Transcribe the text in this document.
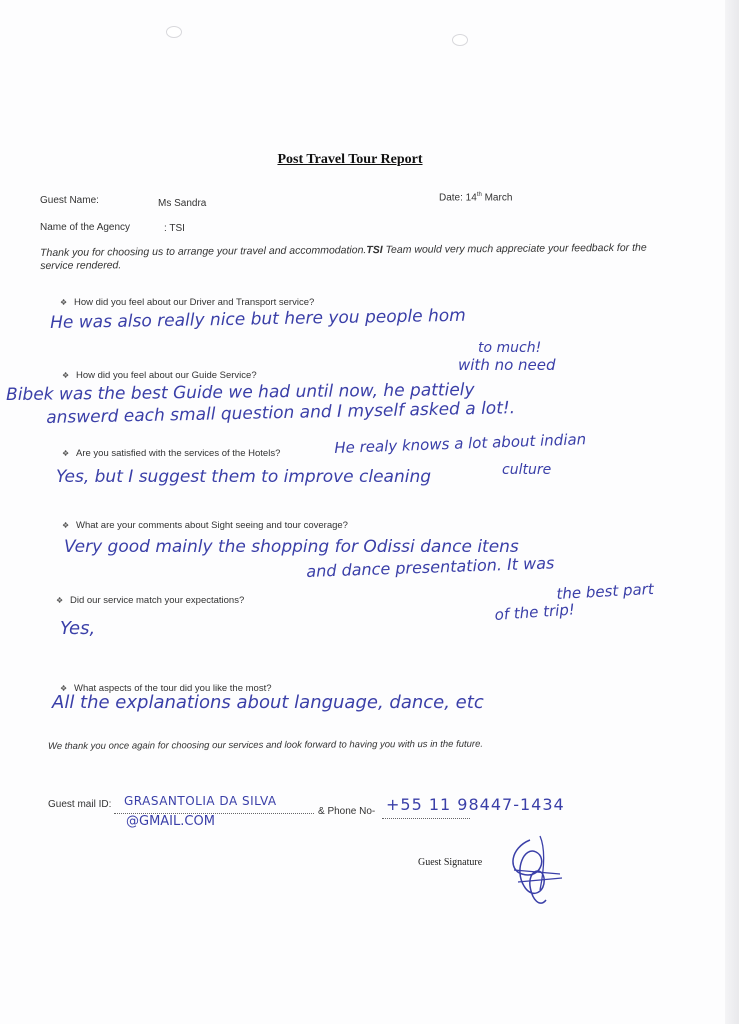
Post Travel Tour Report
Guest Name:	Ms Sandra
Date: 14th March
Name of the Agency	: TSI
Thank you for choosing us to arrange your travel and accommodation.TSI Team would very much appreciate your feedback for the service rendered.
❖ How did you feel about our Driver and Transport service?
He was also really nice but here you people hom
to much!
with no need
❖ How did you feel about our Guide Service?
Bibek was the best Guide we had until now, he pattiely
answerd each small question and I myself asked a lot!.
❖ Are you satisfied with the services of the Hotels?	He realy knows a lot about indian
culture
Yes, but I suggest them to improve cleaning
❖ What are your comments about Sight seeing and tour coverage?
Very good mainly the shopping for Odissi dance itens
and dance presentation. It was
the best part
of the trip!
❖ Did our service match your expectations?
Yes,
❖ What aspects of the tour did you like the most?
All the explanations about language, dance, etc
We thank you once again for choosing our services and look forward to having you with us in the future.
Guest mail ID: GRASANTOLIA DA SILVA
@GMAIL.COM
& Phone No- +55 11 98447-1434
Guest Signature
